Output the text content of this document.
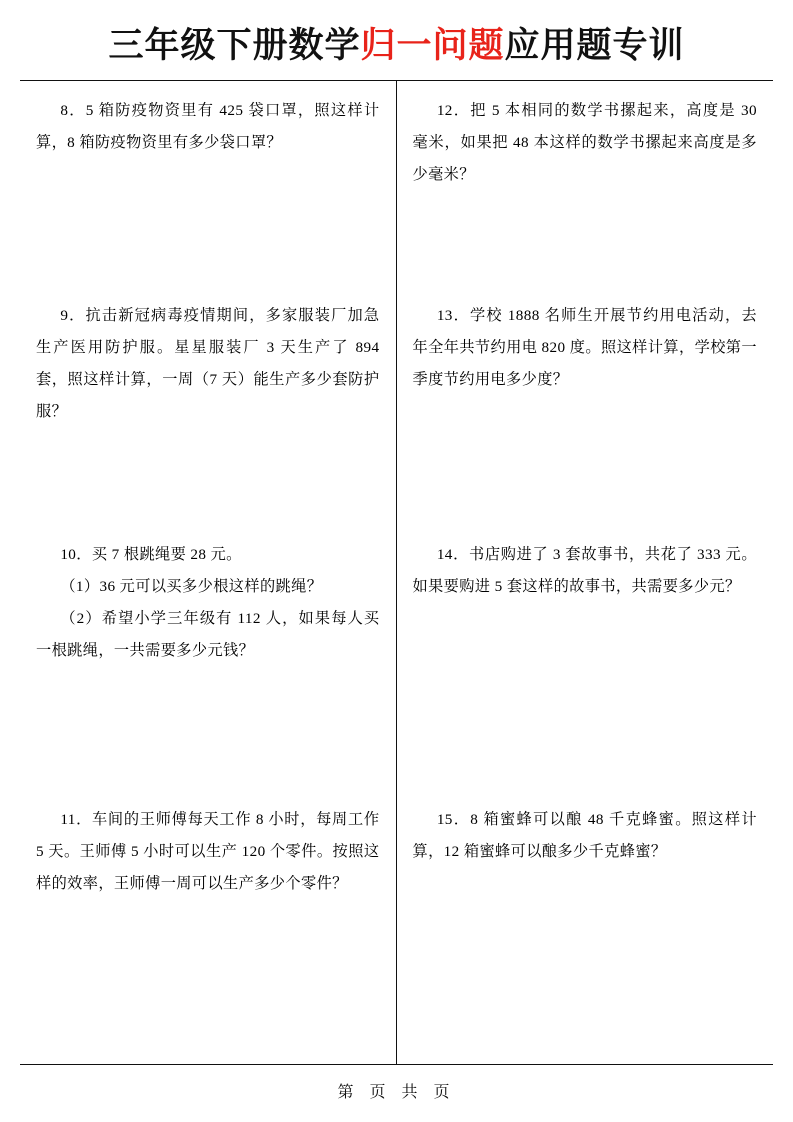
三年级下册数学归一问题应用题专训

8．5 箱防疫物资里有 425 袋口罩，照这样计算，8 箱防疫物资里有多少袋口罩？

9．抗击新冠病毒疫情期间，多家服装厂加急生产医用防护服。星星服装厂 3 天生产了 894 套，照这样计算，一周（7 天）能生产多少套防护服？

10．买 7 根跳绳要 28 元。

（1）36 元可以买多少根这样的跳绳？

（2）希望小学三年级有 112 人，如果每人买一根跳绳，一共需要多少元钱？

11．车间的王师傅每天工作 8 小时，每周工作 5 天。王师傅 5 小时可以生产 120 个零件。按照这样的效率，王师傅一周可以生产多少个零件？

12．把 5 本相同的数学书摞起来，高度是 30 毫米，如果把 48 本这样的数学书摞起来高度是多少毫米？

13．学校 1888 名师生开展节约用电活动，去年全年共节约用电 820 度。照这样计算，学校第一季度节约用电多少度？

14．书店购进了 3 套故事书，共花了 333 元。如果要购进 5 套这样的故事书，共需要多少元？

15．8 箱蜜蜂可以酿 48 千克蜂蜜。照这样计算，12 箱蜜蜂可以酿多少千克蜂蜜？

第 页 共 页
